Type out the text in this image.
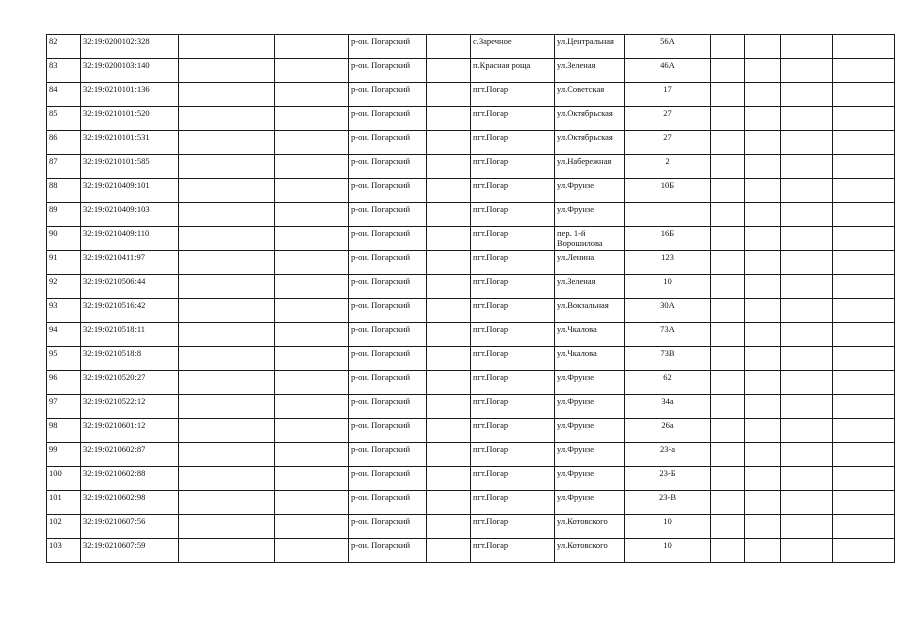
82	32:19:0200102:328			р-он. Погарский		с.Заречное	ул.Центральная	56А				
83	32:19:0200103:140			р-он. Погарский		п.Красная роща	ул.Зеленая	46А				
84	32:19:0210101:136			р-он. Погарский		пгт.Погар	ул.Советская	17				
85	32:19:0210101:520			р-он. Погарский		пгт.Погар	ул.Октябрьская	27				
86	32:19:0210101:531			р-он. Погарский		пгт.Погар	ул.Октябрьская	27				
87	32:19:0210101:585			р-он. Погарский		пгт.Погар	ул.Набережная	2				
88	32:19:0210409:101			р-он. Погарский		пгт.Погар	ул.Фрунзе	10Б				
89	32:19:0210409:103			р-он. Погарский		пгт.Погар	ул.Фрунзе					
90	32:19:0210409:110			р-он. Погарский		пгт.Погар	пер. 1-й Ворошилова	16Б				
91	32:19:0210411:97			р-он. Погарский		пгт.Погар	ул.Ленина	123				
92	32:19:0210506:44			р-он. Погарский		пгт.Погар	ул.Зеленая	10				
93	32:19:0210516:42			р-он. Погарский		пгт.Погар	ул.Вокзальная	30А				
94	32:19:0210518:11			р-он. Погарский		пгт.Погар	ул.Чкалова	73А				
95	32:19:0210518:8			р-он. Погарский		пгт.Погар	ул.Чкалова	73В				
96	32:19:0210520:27			р-он. Погарский		пгт.Погар	ул.Фрунзе	62				
97	32:19:0210522:12			р-он. Погарский		пгт.Погар	ул.Фрунзе	34а				
98	32:19:0210601:12			р-он. Погарский		пгт.Погар	ул.Фрунзе	26а				
99	32:19:0210602:87			р-он. Погарский		пгт.Погар	ул.Фрунзе	23-а				
100	32:19:0210602:88			р-он. Погарский		пгт.Погар	ул.Фрунзе	23-Б				
101	32:19:0210602:98			р-он. Погарский		пгт.Погар	ул.Фрунзе	23-В				
102	32:19:0210607:56			р-он. Погарский		пгт.Погар	ул.Котовского	10				
103	32:19:0210607:59			р-он. Погарский		пгт.Погар	ул.Котовского	10				
